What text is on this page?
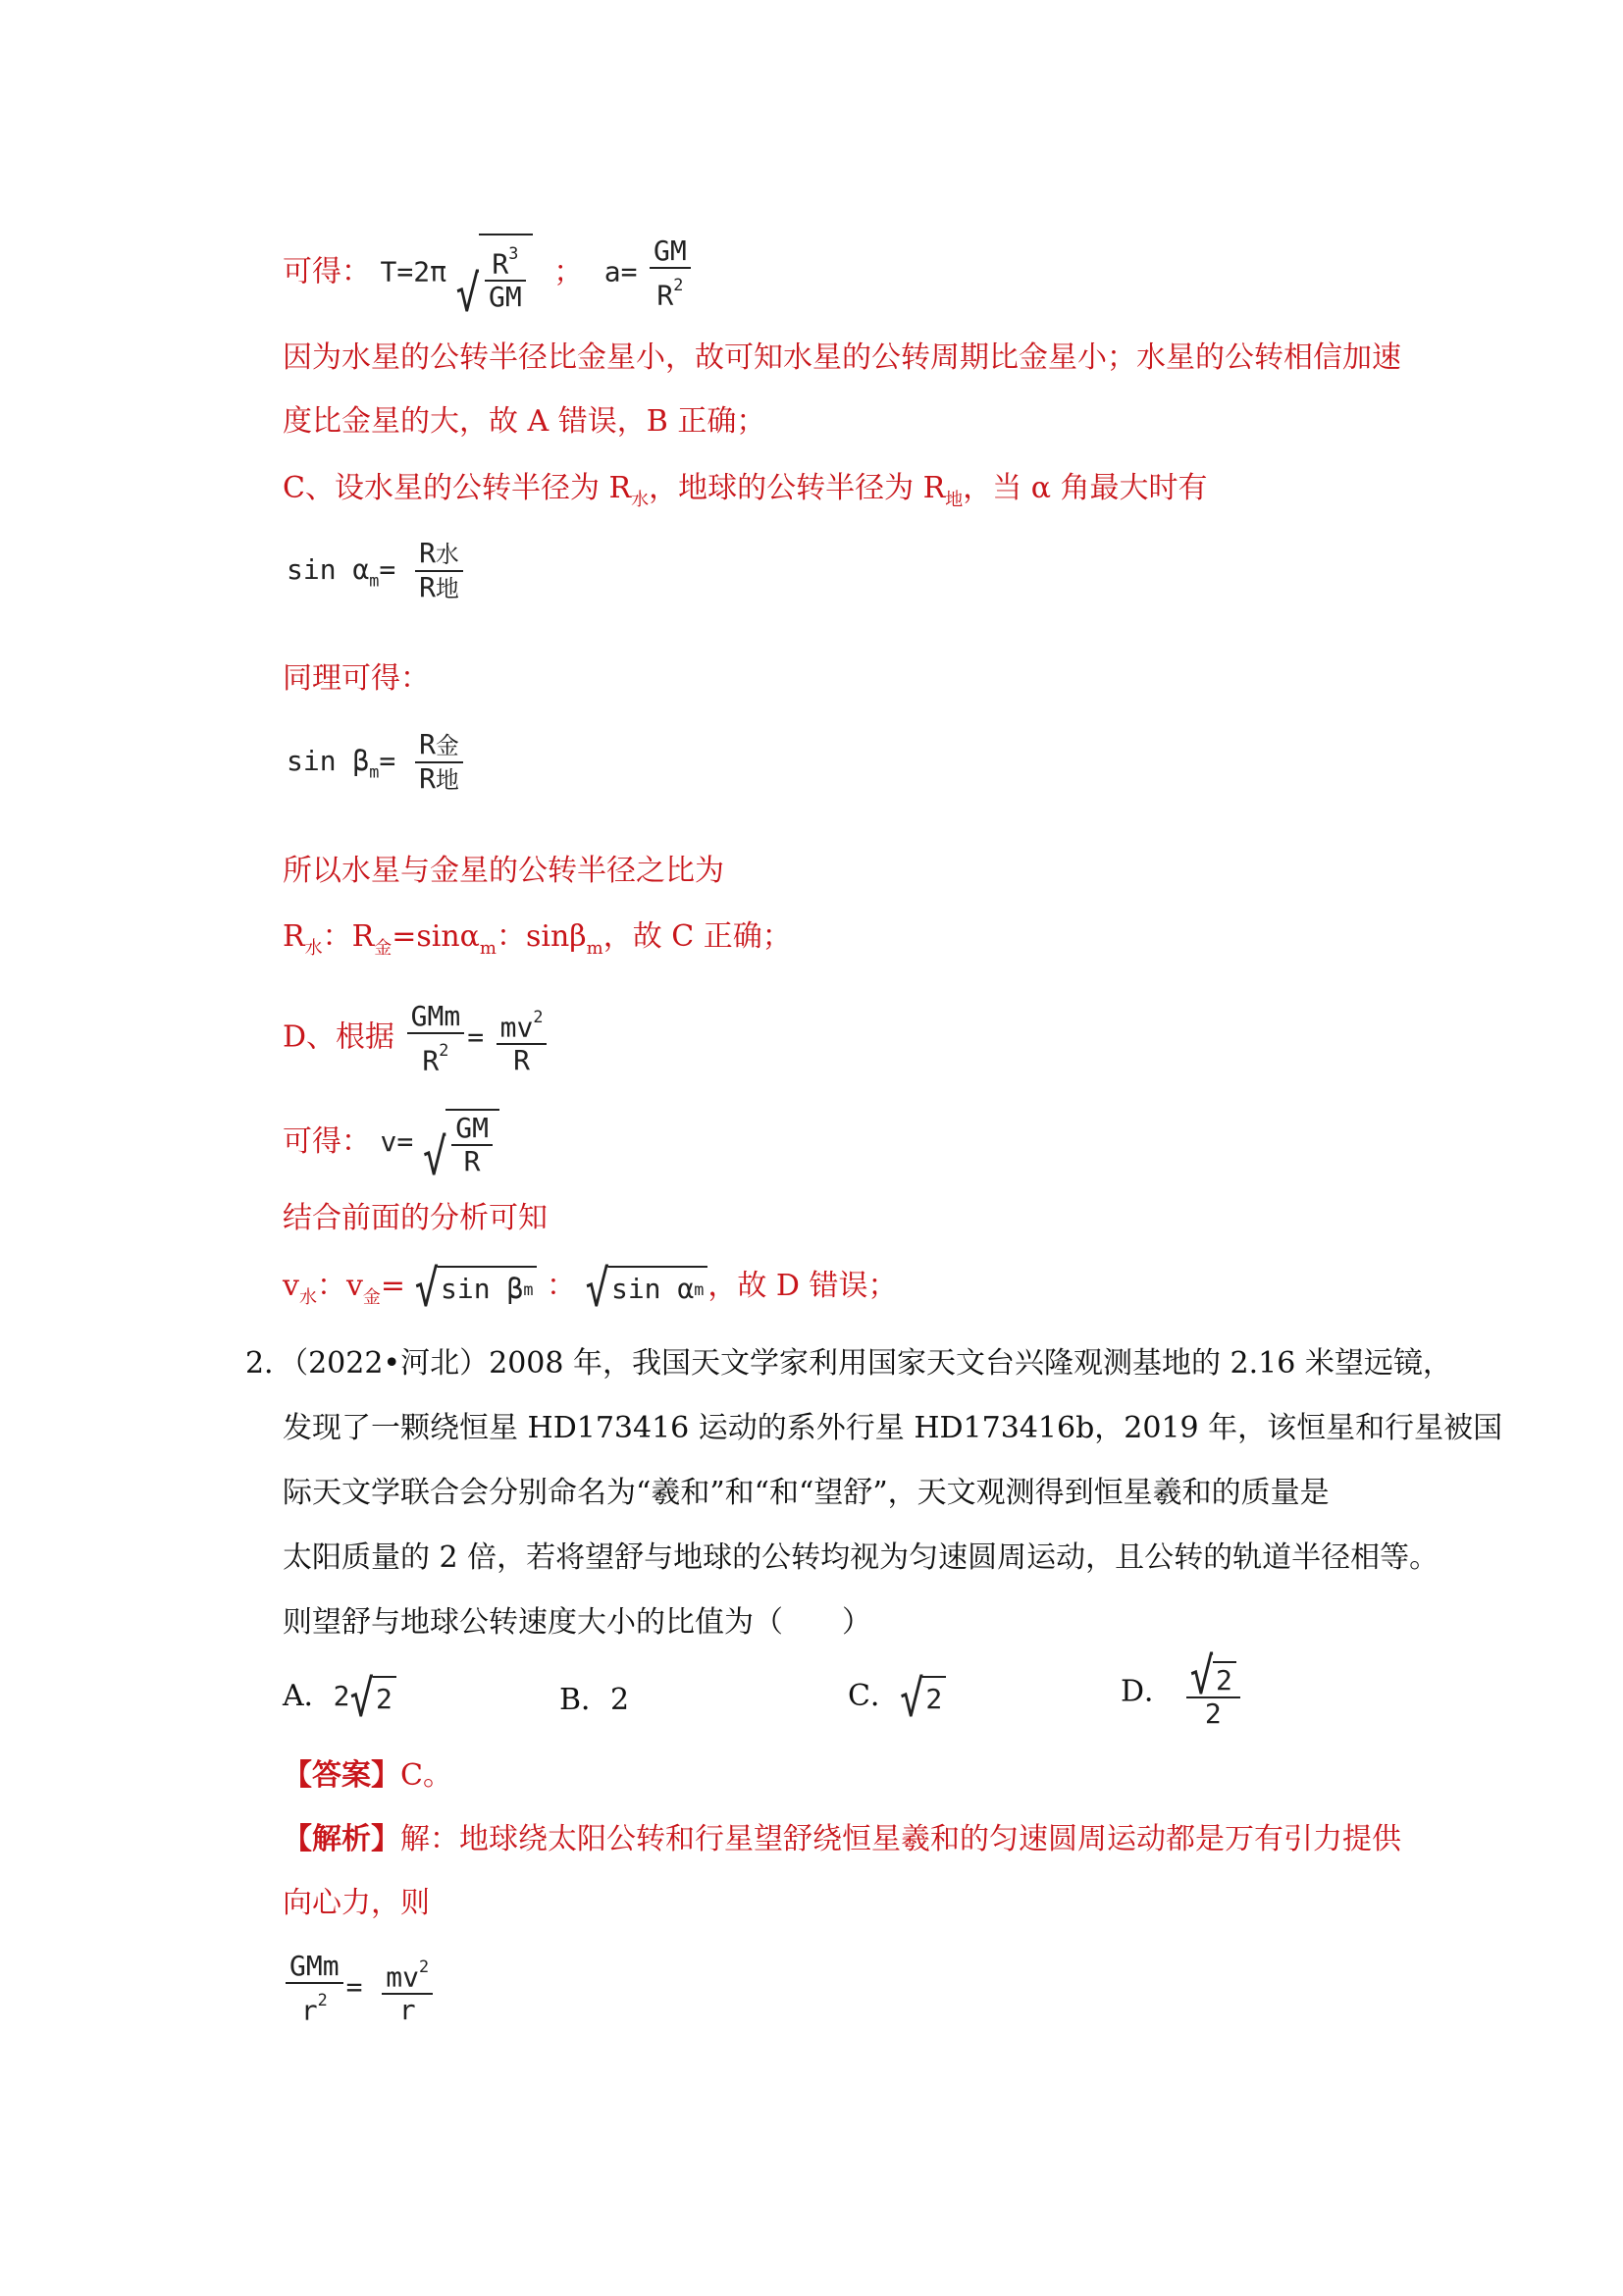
可得： T=2π √ $\frac{R^3}{GM}$ ； $a= \frac{GM}{R^2}$
因为水星的公转半径比金星小，故可知水星的公转周期比金星小；水星的公转相信加速
度比金星的大，故 A 错误，B 正确；
C、设水星的公转半径为 $R_水$，地球的公转半径为 $R_地$，当 α 角最大时有
$\sin \alpha_m= \frac{\text{R水}}{\text{R地}}$
同理可得：
$\sin \beta_m= \frac{\text{R金}}{\text{R地}}$
所以水星与金星的公转半径之比为
$R_水$：$R_金=\sin\alpha_m$：sinβ$_m$，故 C 正确；
D、根据 $\frac{\text{GMm}}{R^2} = \frac{mv^2}{R}$
可得： v= √ $\frac{GM}{R}$
结合前面的分析可知
$v_水$：$v_金=$ √ sin β m ： √ sin α m ，故 D 错误；
2．（2022•河北）2008 年，我国天文学家利用国家天文台兴隆观测基地的 2.16 米望远镜，
发现了一颗绕恒星 HD173416 运动的系外行星 HD173416b，2019 年，该恒星和行星被国
际天文学联合会分别命名为“羲和”和“和“望舒”，天文观测得到恒星羲和的质量是
太阳质量的 2 倍，若将望舒与地球的公转均视为匀速圆周运动，且公转的轨道半径相等。
则望舒与地球公转速度大小的比值为（　　）
A．2 √ 2	B．2	C． √ 2	D． $\frac{√ 2}{2}$
【答案】C。
【解析】解：地球绕太阳公转和行星望舒绕恒星羲和的匀速圆周运动都是万有引力提供
向心力，则
$\frac{\text{GMm}}{r^2} = \frac{mv^2}{r}$
